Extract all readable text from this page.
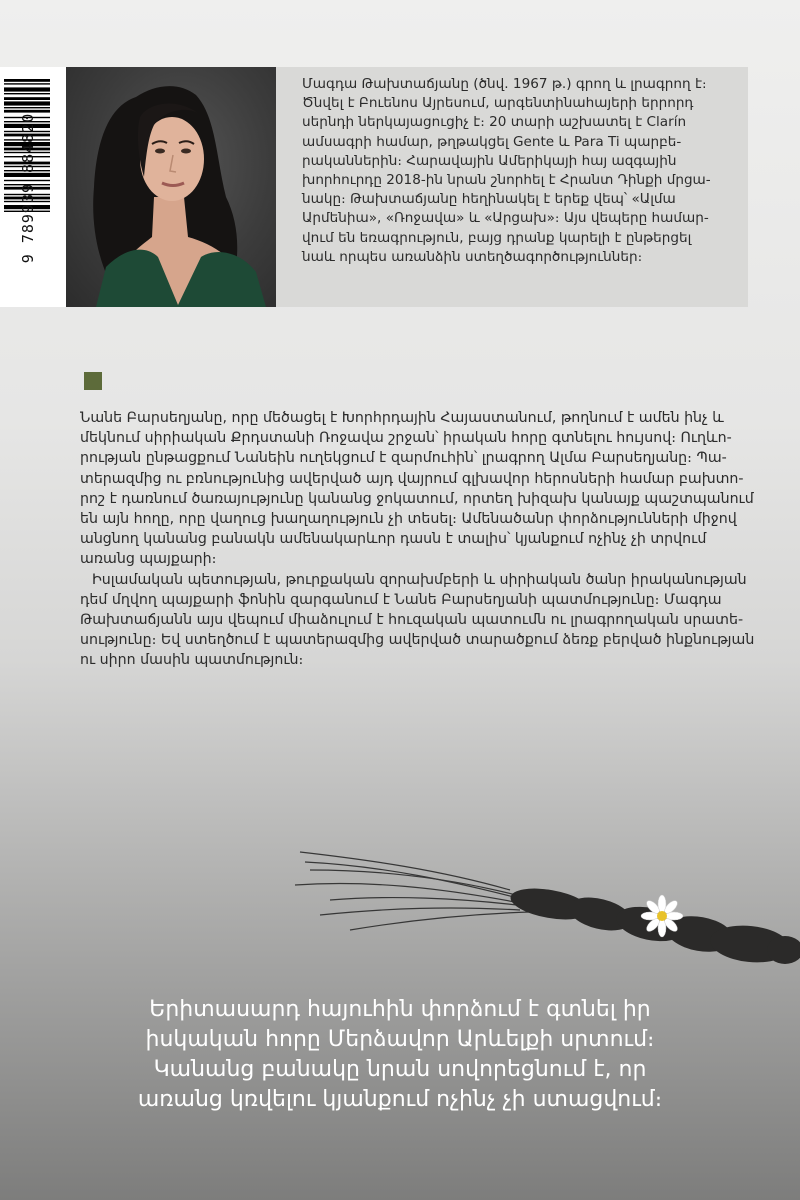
9 789939 884820
Մագդա Թախտաճյանը (ծնվ. 1967 թ.) գրող և լրագրող է։
Ծնվել է Բուենոս Այրեսում, արգենտինահայերի երրորդ
սերնդի ներկայացուցիչ է։ 20 տարի աշխատել է Clarín
ամսագրի համար, թղթակցել Gente և Para Ti պարբե-
րականներին։ Հարավային Ամերիկայի հայ ազգային
խորհուրդը 2018-ին նրան շնորհել է Հրանտ Դինքի մրցա-
նակը։ Թախտաճյանը հեղինակել է երեք վեպ՝ «Ալմա
Արմենիա», «Ռոջավա» և «Արցախ»։ Այս վեպերը համար-
վում են եռագրություն, բայց դրանք կարելի է ընթերցել
նաև որպես առանձին ստեղծագործություններ։
Նանե Բարսեղյանը, որը մեծացել է Խորհրդային Հայաստանում, թողնում է ամեն ինչ և
մեկնում սիրիական Քրդստանի Ռոջավա շրջան՝ իրական հորը գտնելու հույսով։ Ուղևո-
րության ընթացքում Նանեին ուղեկցում է զարմուհին՝ լրագրող Ալմա Բարսեղյանը։ Պա-
տերազմից ու բռնությունից ավերված այդ վայրում գլխավոր հերոսների համար բախտո-
րոշ է դառնում ծառայությունը կանանց ջոկատում, որտեղ խիզախ կանայք պաշտպանում
են այն հողը, որը վաղուց խաղաղություն չի տեսել։ Ամենածանր փորձությունների միջով
անցնող կանանց բանակն ամենակարևոր դասն է տալիս՝ կյանքում ոչինչ չի տրվում
առանց պայքարի։
Իսլամական պետության, թուրքական զորախմբերի և սիրիական ծանր իրականության
դեմ մղվող պայքարի ֆոնին զարգանում է Նանե Բարսեղյանի պատմությունը։ Մագդա
Թախտաճյանն այս վեպում միաձուլում է հուզական պատումն ու լրագրողական սրատե-
սությունը։ Եվ ստեղծում է պատերազմից ավերված տարածքում ձեռք բերված ինքնության
ու սիրո մասին պատմություն։
Երիտասարդ հայուհին փորձում է գտնել իր
իսկական հորը Մերձավոր Արևելքի սրտում։
Կանանց բանակը նրան սովորեցնում է, որ
առանց կռվելու կյանքում ոչինչ չի ստացվում։
